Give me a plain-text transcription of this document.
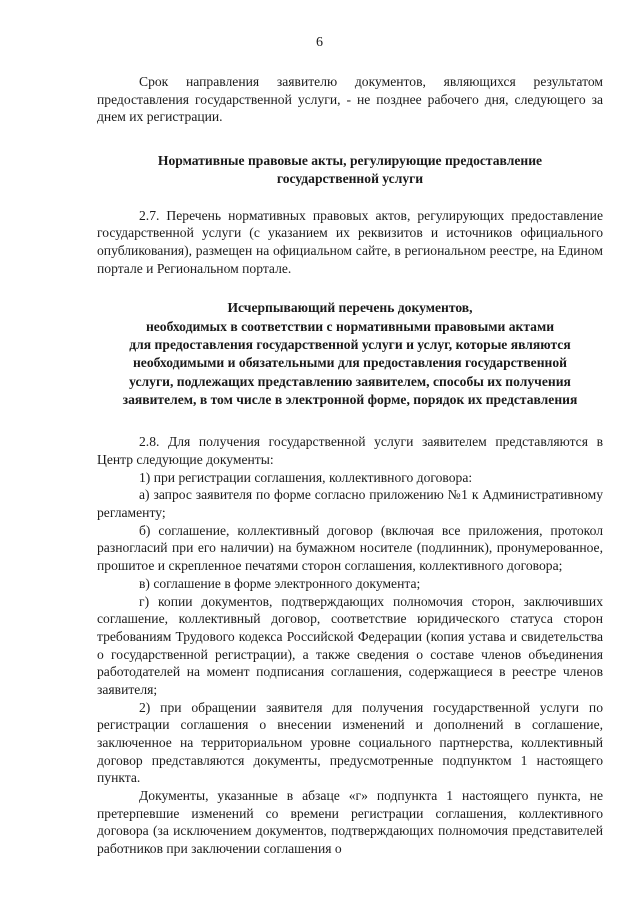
6

Срок направления заявителю документов, являющихся результатом предоставления государственной услуги, - не позднее рабочего дня, следующего за днем их регистрации.

Нормативные правовые акты, регулирующие предоставление

государственной услуги

2.7. Перечень нормативных правовых актов, регулирующих предоставление государственной услуги (с указанием их реквизитов и источников официального опубликования), размещен на официальном сайте, в региональном реестре, на Едином портале и Региональном портале.

Исчерпывающий перечень документов,

необходимых в соответствии с нормативными правовыми актами

для предоставления государственной услуги и услуг, которые являются

необходимыми и обязательными для предоставления государственной

услуги, подлежащих представлению заявителем, способы их получения

заявителем, в том числе в электронной форме, порядок их представления

2.8. Для получения государственной услуги заявителем представляются в Центр следующие документы:

1) при регистрации соглашения, коллективного договора:

а) запрос заявителя по форме согласно приложению №1 к Административному регламенту;

б) соглашение, коллективный договор (включая все приложения, протокол разногласий при его наличии) на бумажном носителе (подлинник), пронумерованное, прошитое и скрепленное печатями сторон соглашения, коллективного договора;

в) соглашение в форме электронного документа;

г) копии документов, подтверждающих полномочия сторон, заключивших соглашение, коллективный договор, соответствие юридического статуса сторон требованиям Трудового кодекса Российской Федерации (копия устава и свидетельства о государственной регистрации), а также сведения о составе членов объединения работодателей на момент подписания соглашения, содержащиеся в реестре членов заявителя;

2) при обращении заявителя для получения государственной услуги по регистрации соглашения о внесении изменений и дополнений в соглашение, заключенное на территориальном уровне социального партнерства, коллективный договор представляются документы, предусмотренные подпунктом 1 настоящего пункта.

Документы, указанные в абзаце «г» подпункта 1 настоящего пункта, не претерпевшие изменений со времени регистрации соглашения, коллективного договора (за исключением документов, подтверждающих полномочия представителей работников при заключении соглашения о
